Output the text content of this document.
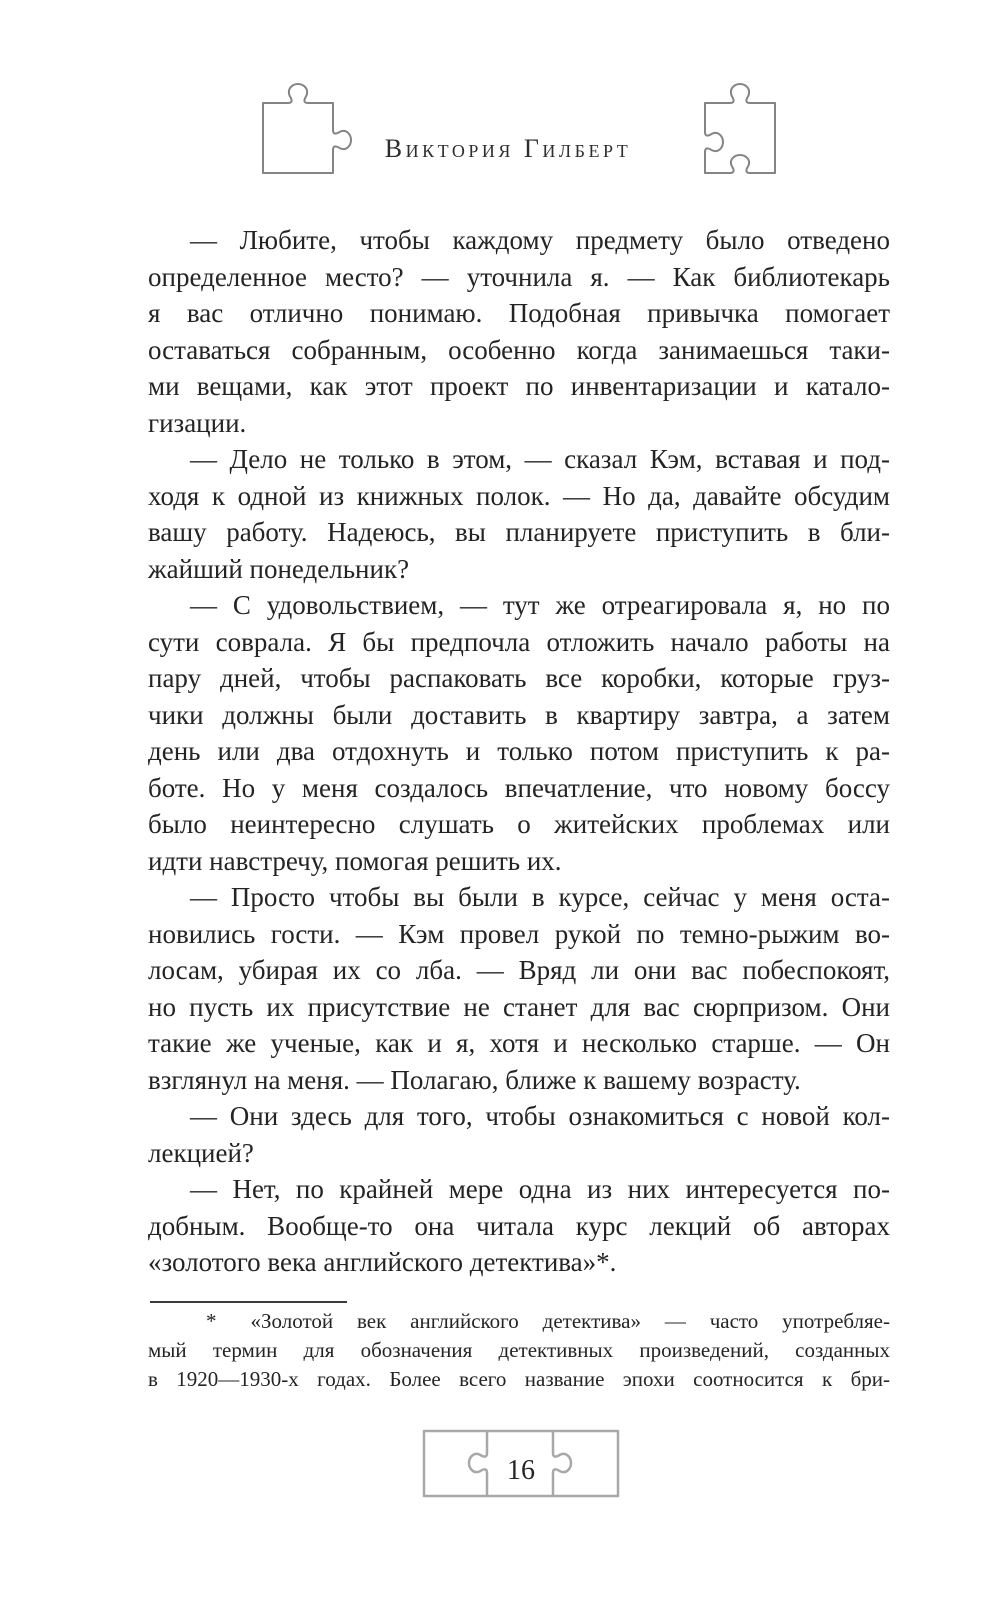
Виктория Гилберт
— Любите, чтобы каждому предмету было отведено
определенное место? — уточнила я. — Как библиотекарь
я вас отлично понимаю. Подобная привычка помогает
оставаться собранным, особенно когда занимаешься таки-
ми вещами, как этот проект по инвентаризации и катало-
гизации.
— Дело не только в этом, — сказал Кэм, вставая и под-
ходя к одной из книжных полок. — Но да, давайте обсудим
вашу работу. Надеюсь, вы планируете приступить в бли-
жайший понедельник?
— С удовольствием, — тут же отреагировала я, но по
сути соврала. Я бы предпочла отложить начало работы на
пару дней, чтобы распаковать все коробки, которые груз-
чики должны были доставить в квартиру завтра, а затем
день или два отдохнуть и только потом приступить к ра-
боте. Но у меня создалось впечатление, что новому боссу
было неинтересно слушать о житейских проблемах или
идти навстречу, помогая решить их.
— Просто чтобы вы были в курсе, сейчас у меня оста-
новились гости. — Кэм провел рукой по темно-рыжим во-
лосам, убирая их со лба. — Вряд ли они вас побеспокоят,
но пусть их присутствие не станет для вас сюрпризом. Они
такие же ученые, как и я, хотя и несколько старше. — Он
взглянул на меня. — Полагаю, ближе к вашему возрасту.
— Они здесь для того, чтобы ознакомиться с новой кол-
лекцией?
— Нет, по крайней мере одна из них интересуется по-
добным. Вообще-то она читала курс лекций об авторах
«золотого века английского детектива»*.
* «Золотой век английского детектива» — часто употребляе-
мый термин для обозначения детективных произведений, созданных
в 1920—1930-х годах. Более всего название эпохи соотносится к бри-
16
